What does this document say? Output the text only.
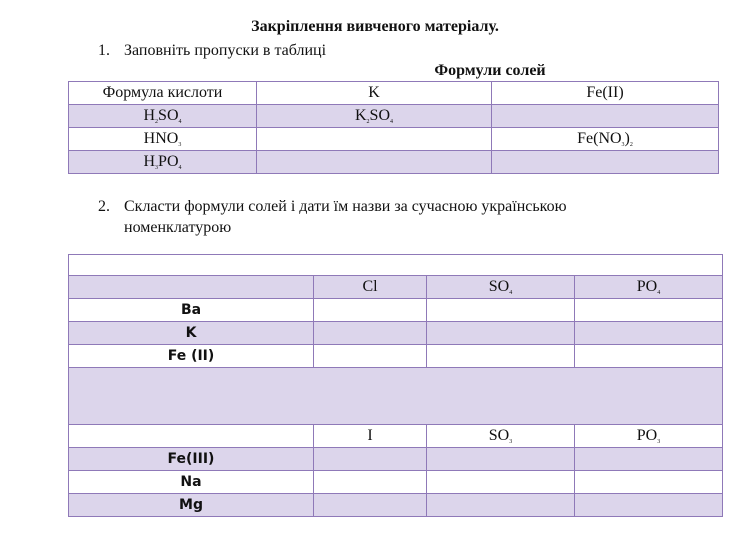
Закріплення вивченого матеріалу.
1. Заповніть пропуски в таблиці
Формули солей
Формула кислоти	K	Fe(II)
$H_2SO_4$	$K_2SO_4$	
$HNO_3$		$Fe(NO_3)_2$
$H_3PO_4$		
2. Скласти формули солей і дати їм назви за сучасною українською
номенклатурою

	Cl	$SO_4$	$PO_4$
Ba			
K			
Fe (II)			

	I	$SO_3$	$PO_3$
Fe(III)			
Na			
Mg			
